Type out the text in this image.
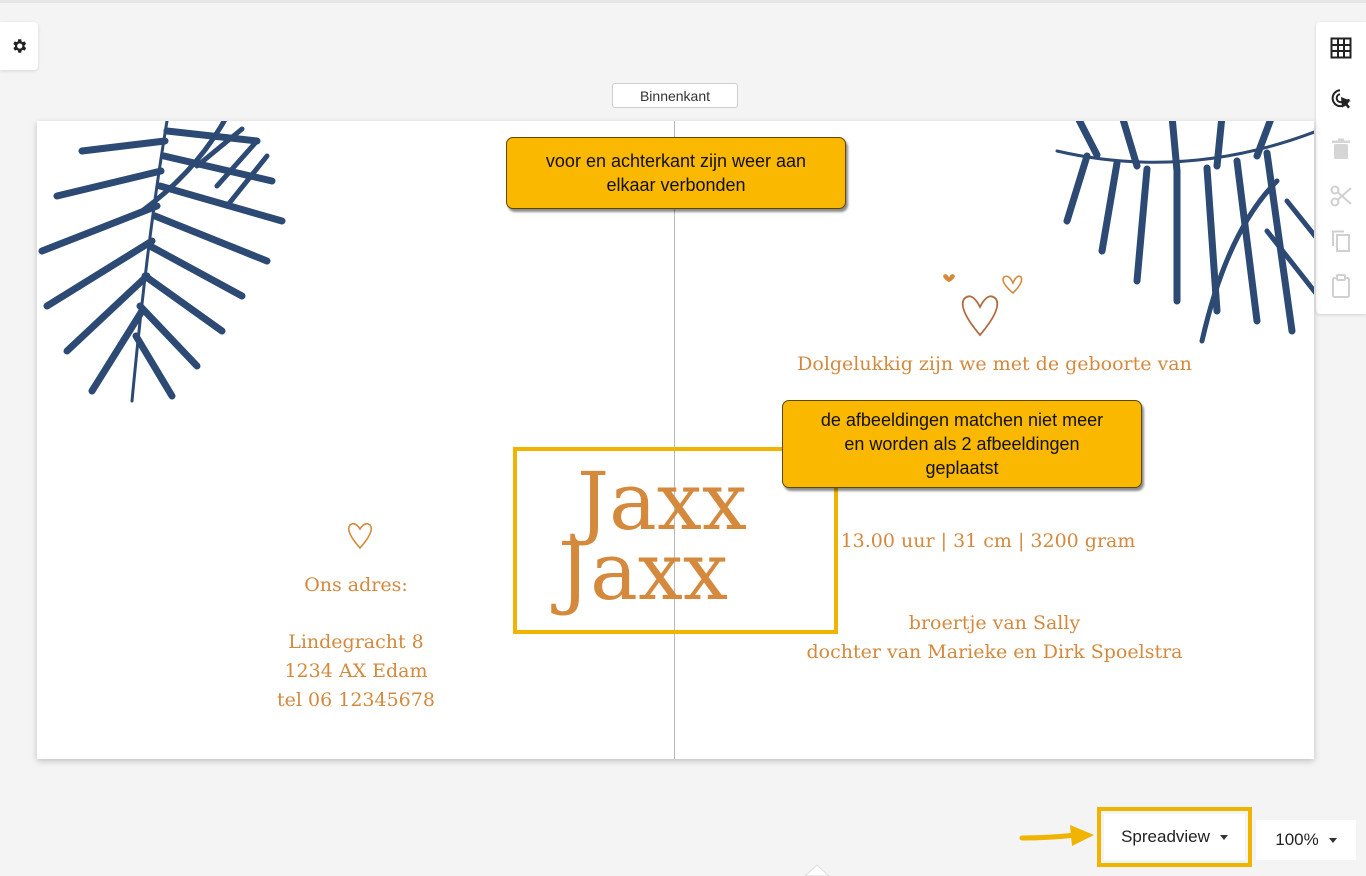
Binnenkant
Ons adres:
Lindegracht 8
1234 AX Edam
tel 06 12345678
Dolgelukkig zijn we met de geboorte van
13.00 uur | 31 cm | 3200 gram
broertje van Sally
dochter van Marieke en Dirk Spoelstra
Jaxx
Jaxx
voor en achterkant zijn weer aan
elkaar verbonden
de afbeeldingen matchen niet meer
en worden als 2 afbeeldingen
geplaatst
Spreadview	100%
